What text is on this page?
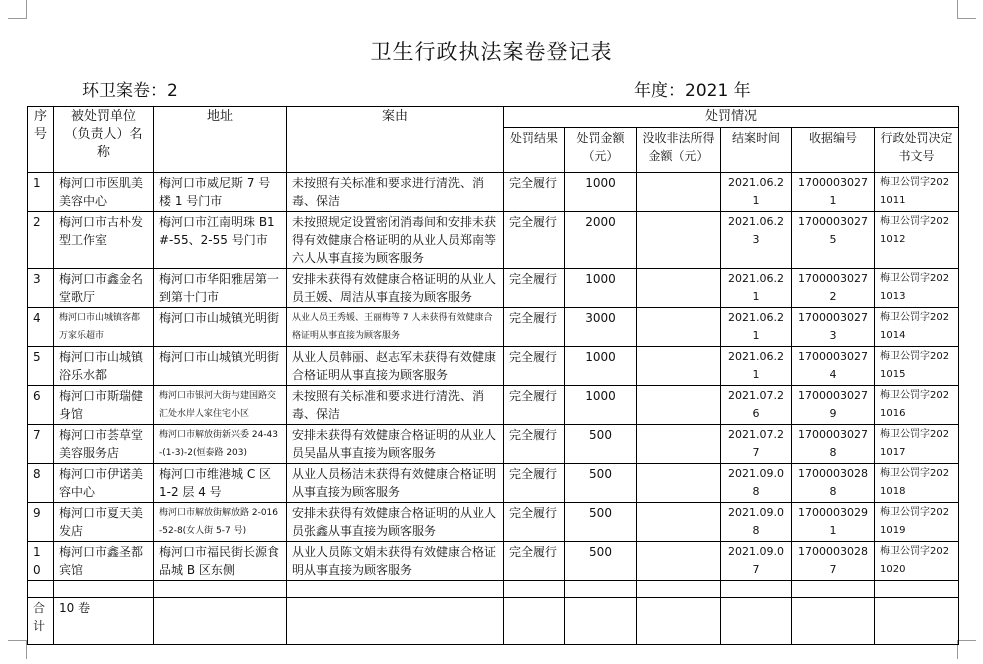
卫生行政执法案卷登记表
环卫案卷：2	年度：2021 年
序号	被处罚单位（负责人）名称	地址	案由	处罚情况					
				处罚结果	处罚金额（元）	没收非法所得金额（元）	结案时间	收据编号	行政处罚决定书文号
1	梅河口市医肌美美容中心	梅河口市威尼斯 7 号楼 1 号门市	未按照有关标准和要求进行清洗、消毒、保洁	完全履行	1000		2021.06.21	17000030271	梅卫公罚字2021011
2	梅河口市古朴发型工作室	梅河口市江南明珠 B1#-55、2-55 号门市	未按照规定设置密闭消毒间和安排未获得有效健康合格证明的从业人员郑南等六人从事直接为顾客服务	完全履行	2000		2021.06.23	17000030275	梅卫公罚字2021012
3	梅河口市鑫金名堂歌厅	梅河口市华阳雅居第一到第十门市	安排未获得有效健康合格证明的从业人员王媛、周洁从事直接为顾客服务	完全履行	1000		2021.06.21	17000030272	梅卫公罚字2021013
4	梅河口市山城镇客都万家乐超市	梅河口市山城镇光明街	从业人员王秀媛、王丽梅等 7 人未获得有效健康合格证明从事直接为顾客服务	完全履行	3000		2021.06.21	17000030273	梅卫公罚字2021014
5	梅河口市山城镇浴乐水都	梅河口市山城镇光明街	从业人员韩丽、赵志军未获得有效健康合格证明从事直接为顾客服务	完全履行	1000		2021.06.21	17000030274	梅卫公罚字2021015
6	梅河口市斯瑞健身馆	梅河口市银河大街与建国路交汇处水岸人家住宅小区	未按照有关标准和要求进行清洗、消毒、保洁	完全履行	1000		2021.07.26	17000030279	梅卫公罚字2021016
7	梅河口市荟草堂美容服务店	梅河口市解放街新兴委 24-43-(1-3)-2(恒泰路 203)	安排未获得有效健康合格证明的从业人员吴晶从事直接为顾客服务	完全履行	500		2021.07.27	17000030278	梅卫公罚字2021017
8	梅河口市伊诺美容中心	梅河口市维港城 C 区 1-2 层 4 号	从业人员杨洁未获得有效健康合格证明从事直接为顾客服务	完全履行	500		2021.09.08	17000030288	梅卫公罚字2021018
9	梅河口市夏天美发店	梅河口市解放街解放路 2-016-52-8(女人街 5-7 号)	安排未获得有效健康合格证明的从业人员张鑫从事直接为顾客服务	完全履行	500		2021.09.08	17000030291	梅卫公罚字2021019
10	梅河口市鑫圣都宾馆	梅河口市福民街长源食品城 B 区东侧	从业人员陈文娟未获得有效健康合格证明从事直接为顾客服务	完全履行	500		2021.09.07	17000030287	梅卫公罚字2021020

合计	10 卷								
